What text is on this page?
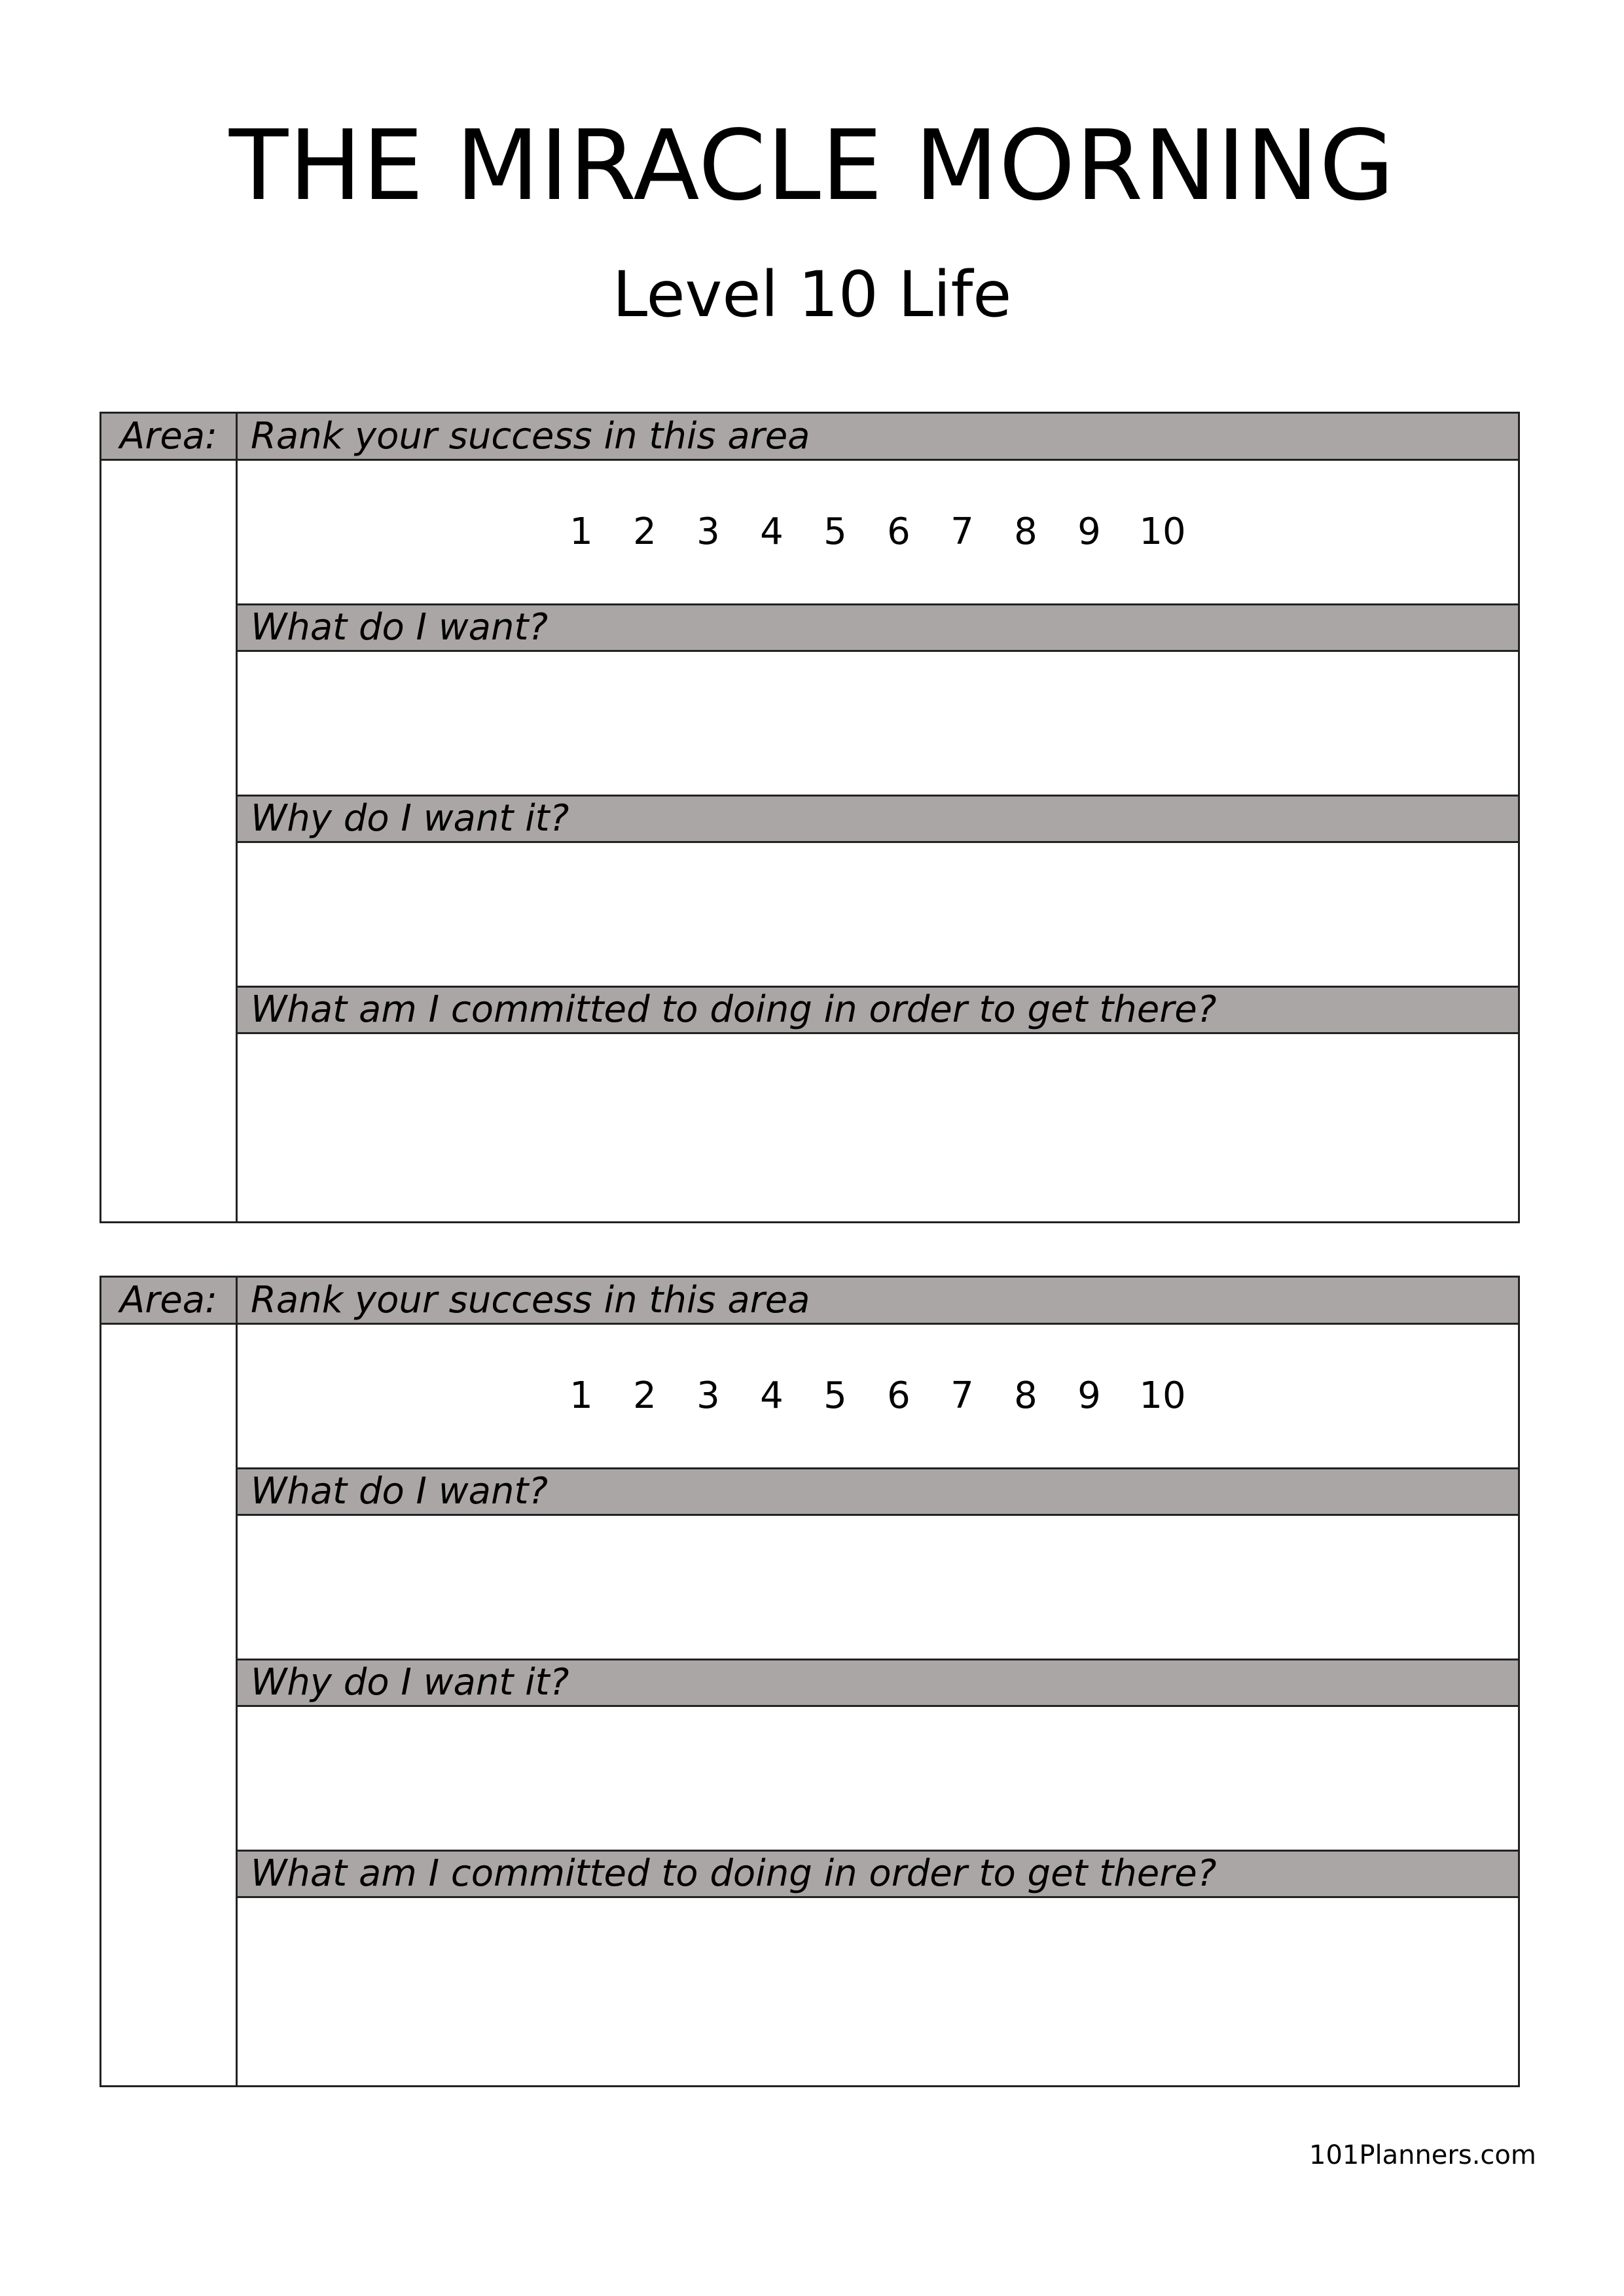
THE MIRACLE MORNING
Level 10 Life
Area: Rank your success in this area
1	2	3	4	5	6	7	8	9	10
What do I want?
Why do I want it?
What am I committed to doing in order to get there?
Area: Rank your success in this area
1	2	3	4	5	6	7	8	9	10
What do I want?
Why do I want it?
What am I committed to doing in order to get there?
101Planners.com
